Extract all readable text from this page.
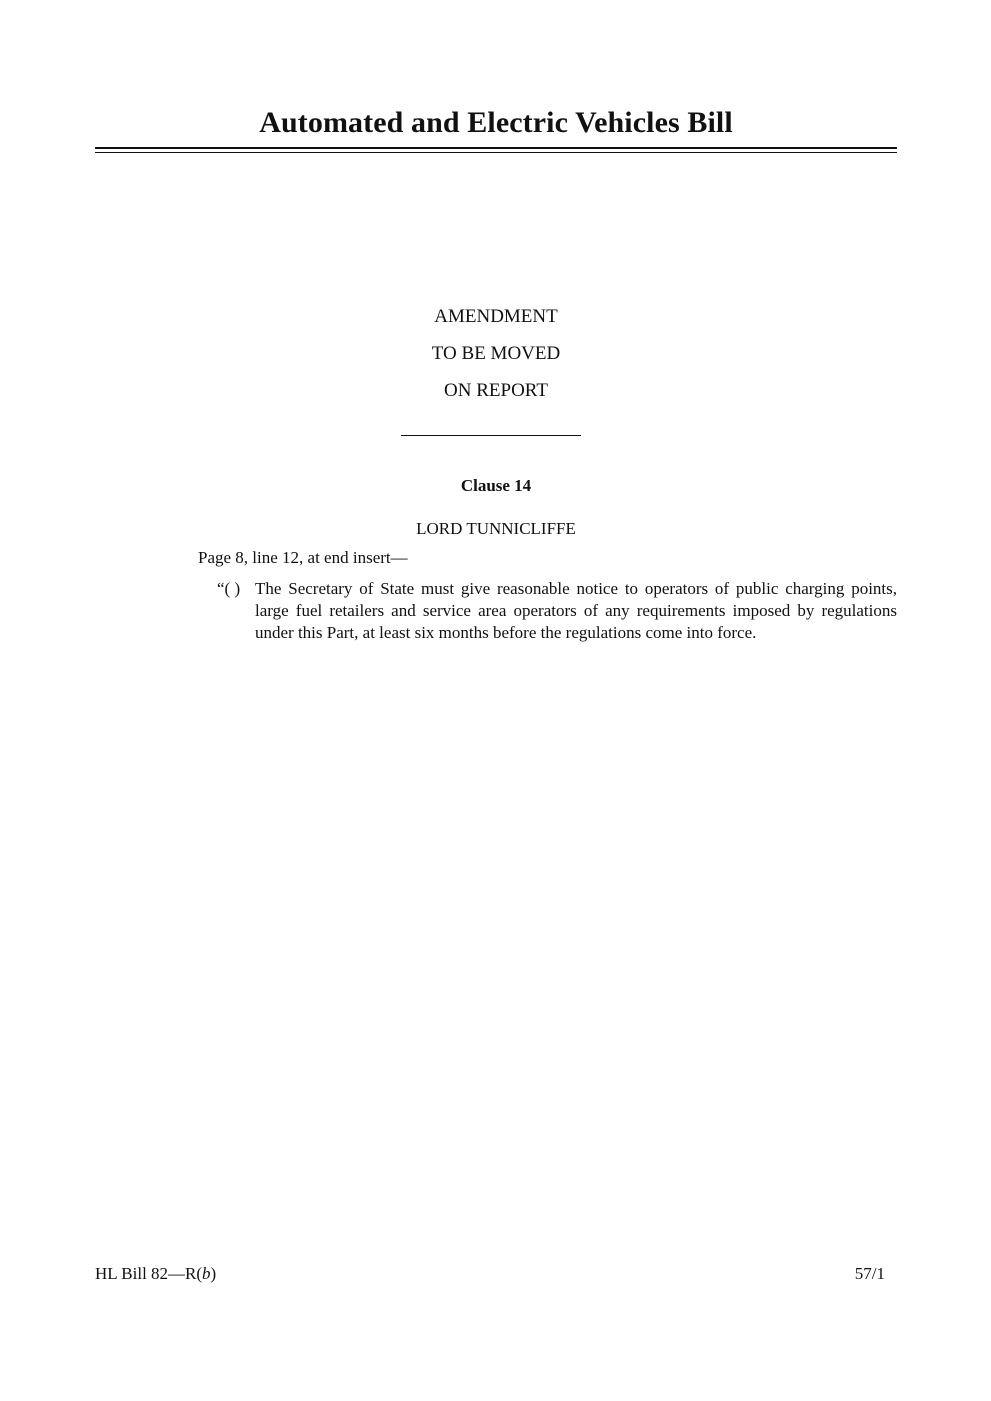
Automated and Electric Vehicles Bill
AMENDMENT
TO BE MOVED
ON REPORT
Clause 14
LORD TUNNICLIFFE
Page 8, line 12, at end insert—
“( ) The Secretary of State must give reasonable notice to operators of public charging points, large fuel retailers and service area operators of any requirements imposed by regulations under this Part, at least six months before the regulations come into force.

HL Bill 82—R(b)	57/1
